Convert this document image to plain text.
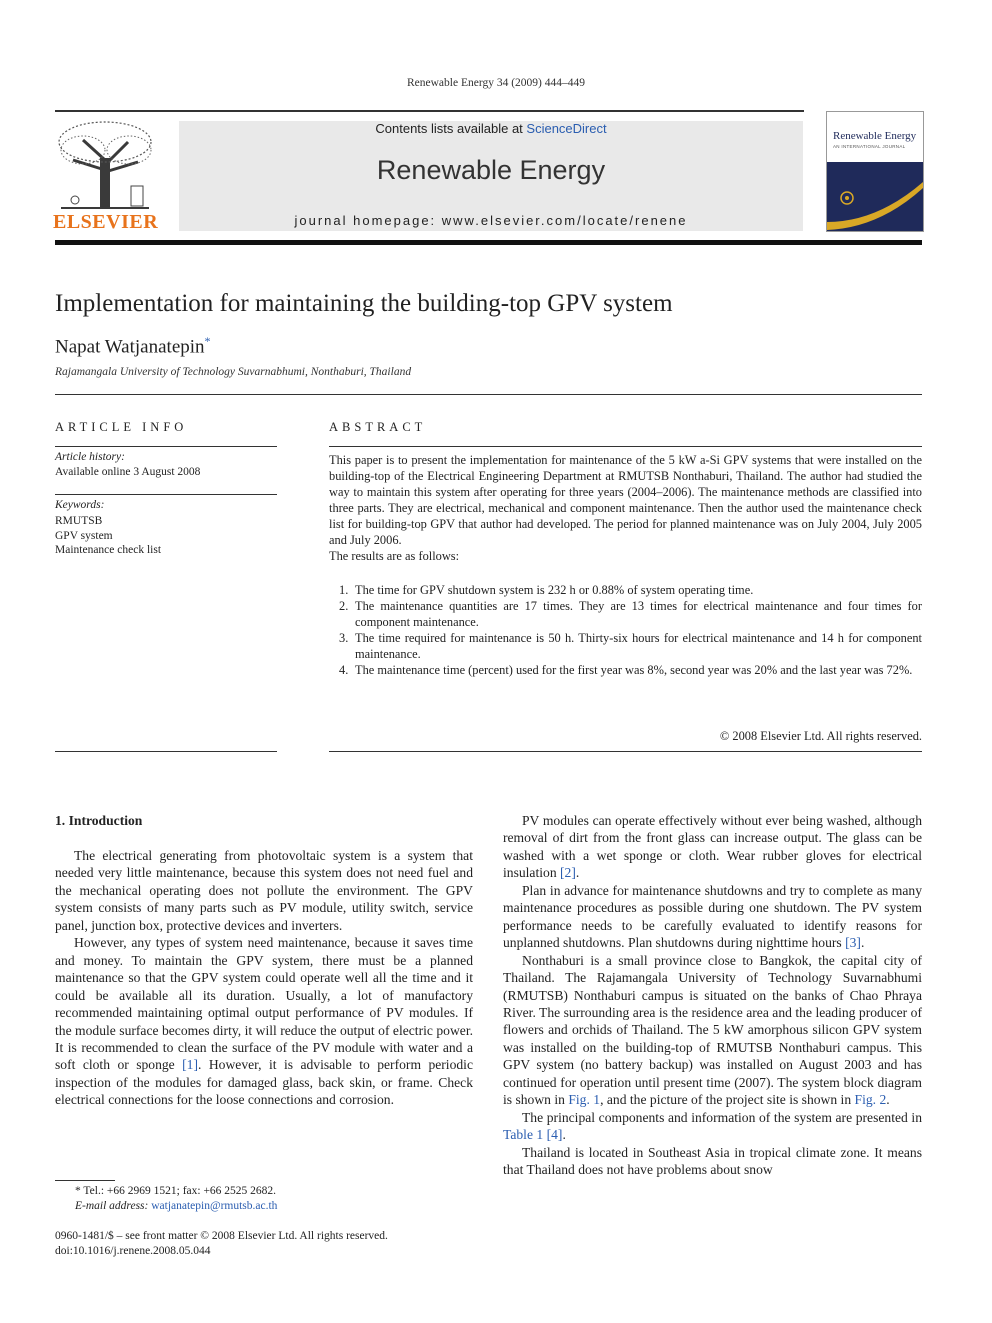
Renewable Energy 34 (2009) 444–449
ELSEVIER
Contents lists available at ScienceDirect
Renewable Energy
journal homepage: www.elsevier.com/locate/renene
Renewable Energy
AN INTERNATIONAL JOURNAL
Implementation for maintaining the building-top GPV system
Napat Watjanatepin*
Rajamangala University of Technology Suvarnabhumi, Nonthaburi, Thailand
ARTICLE INFO
Article history:
Available online 3 August 2008
Keywords:
RMUTSB
GPV system
Maintenance check list
ABSTRACT

This paper is to present the implementation for maintenance of the 5 kW a-Si GPV systems that were installed on the building-top of the Electrical Engineering Department at RMUTSB Nonthaburi, Thailand. The author had studied the way to maintain this system after operating for three years (2004–2006). The maintenance methods are classified into three parts. They are electrical, mechanical and component maintenance. Then the author used the maintenance check list for building-top GPV that author had developed. The period for planned maintenance was on July 2004, July 2005 and July 2006.

The results are as follows:

1. The time for GPV shutdown system is 232 h or 0.88% of system operating time.
2. The maintenance quantities are 17 times. They are 13 times for electrical maintenance and four times for component maintenance.
3. The time required for maintenance is 50 h. Thirty-six hours for electrical maintenance and 14 h for component maintenance.
4. The maintenance time (percent) used for the first year was 8%, second year was 20% and the last year was 72%.
© 2008 Elsevier Ltd. All rights reserved.
1. Introduction

The electrical generating from photovoltaic system is a system that needed very little maintenance, because this system does not need fuel and the mechanical operating does not pollute the environment. The GPV system consists of many parts such as PV module, utility switch, service panel, junction box, protective devices and inverters.

However, any types of system need maintenance, because it saves time and money. To maintain the GPV system, there must be a planned maintenance so that the GPV system could operate well all the time and it could be available all its duration. Usually, a lot of manufactory recommended maintaining optimal output performance of PV modules. If the module surface becomes dirty, it will reduce the output of electric power. It is recommended to clean the surface of the PV module with water and a soft cloth or sponge [1]. However, it is advisable to perform periodic inspection of the modules for damaged glass, back skin, or frame. Check electrical connections for the loose connections and corrosion.

PV modules can operate effectively without ever being washed, although removal of dirt from the front glass can increase output. The glass can be washed with a wet sponge or cloth. Wear rubber gloves for electrical insulation [2].

Plan in advance for maintenance shutdowns and try to complete as many maintenance procedures as possible during one shutdown. The PV system performance needs to be carefully evaluated to identify reasons for unplanned shutdowns. Plan shutdowns during nighttime hours [3].

Nonthaburi is a small province close to Bangkok, the capital city of Thailand. The Rajamangala University of Technology Suvarnabhumi (RMUTSB) Nonthaburi campus is situated on the banks of Chao Phraya River. The surrounding area is the residence area and the leading producer of flowers and orchids of Thailand. The 5 kW amorphous silicon GPV system was installed on the building-top of RMUTSB Nonthaburi campus. This GPV system (no battery backup) was installed on August 2003 and has continued for operation until present time (2007). The system block diagram is shown in Fig. 1, and the picture of the project site is shown in Fig. 2.

The principal components and information of the system are presented in Table 1 [4].

Thailand is located in Southeast Asia in tropical climate zone. It means that Thailand does not have problems about snow

* Tel.: +66 2969 1521; fax: +66 2525 2682.
E-mail address: watjanatepin@rmutsb.ac.th
0960-1481/$ – see front matter © 2008 Elsevier Ltd. All rights reserved.
doi:10.1016/j.renene.2008.05.044
